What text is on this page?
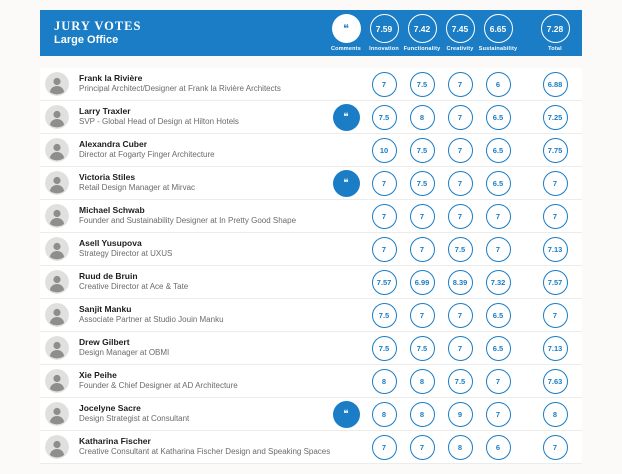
JURY VOTES
Large Office
❝
Comments
7.59
Innovation
7.42
Functionality
7.45
Creativity
6.65
Sustainability
7.28
Total
Frank la Rivière
Principal Architect/Designer at Frank la Rivière Architects
7	7.5	7	6	6.88
Larry Traxler
SVP - Global Head of Design at Hilton Hotels	❝	7.5	8	7	6.5	7.25
Alexandra Cuber
Director at Fogarty Finger Architecture
10	7.5	7	6.5	7.75
Victoria Stiles
Retail Design Manager at Mirvac	❝	7	7.5	7	6.5	7
Michael Schwab
Founder and Sustainability Designer at In Pretty Good Shape
7	7	7	7	7
Asell Yusupova
Strategy Director at UXUS
7	7	7.5	7	7.13
Ruud de Bruin
Creative Director at Ace & Tate
7.57	6.99	8.39	7.32	7.57
Sanjit Manku
Associate Partner at Studio Jouin Manku
7.5	7	7	6.5	7
Drew Gilbert
Design Manager at OBMI
7.5	7.5	7	6.5	7.13
Xie Peihe
Founder & Chief Designer at AD Architecture
8	8	7.5	7	7.63
Jocelyne Sacre
Design Strategist at Consultant	❝	8	8	9	7	8
Katharina Fischer
Creative Consultant at Katharina Fischer Design and Speaking Spaces
7	7	8	6	7
